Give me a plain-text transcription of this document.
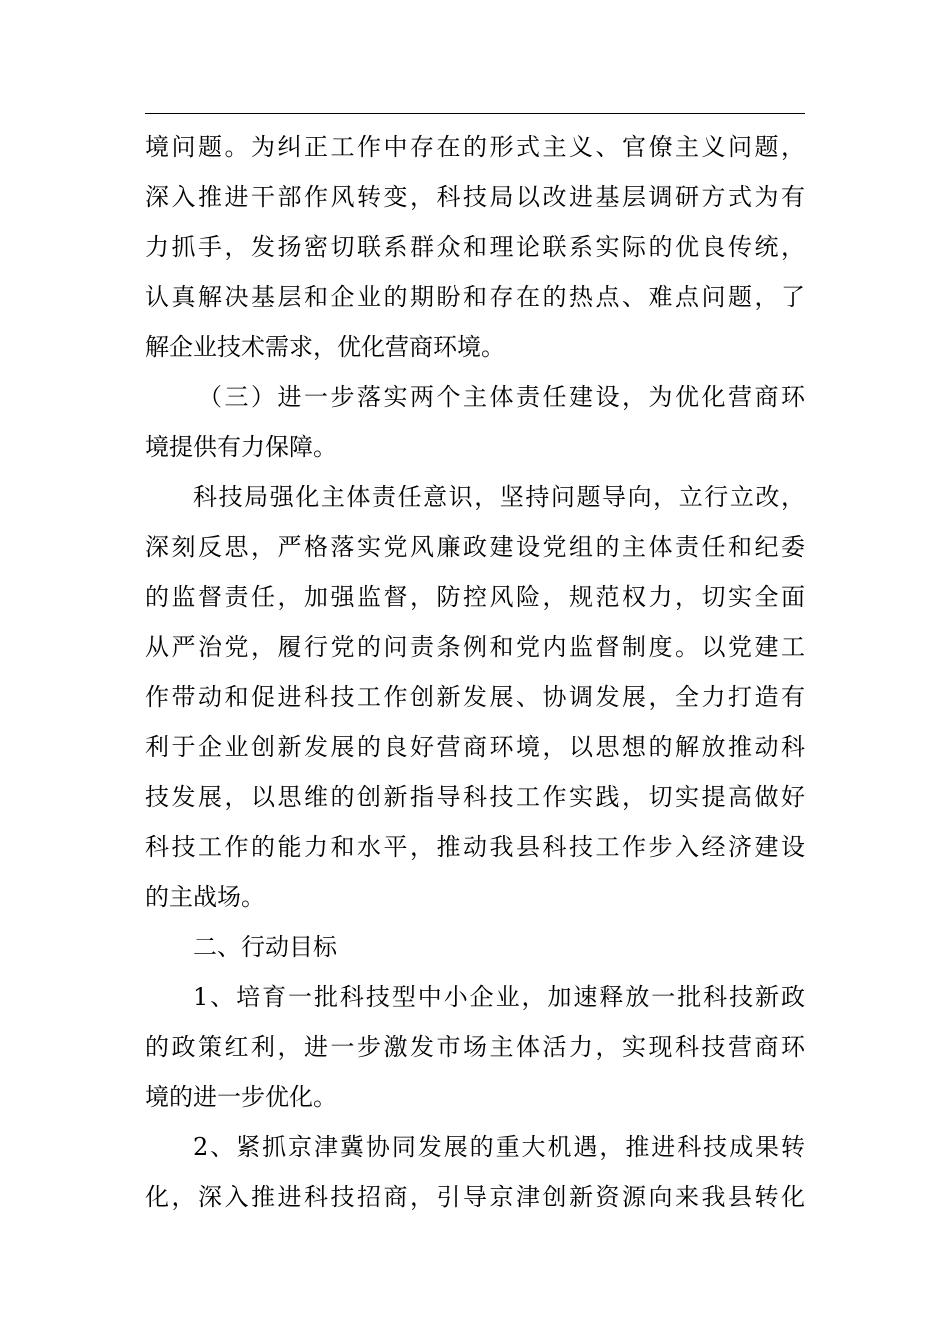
境问题。为纠正工作中存在的形式主义、官僚主义问题，
深入推进干部作风转变，科技局以改进基层调研方式为有
力抓手，发扬密切联系群众和理论联系实际的优良传统，
认真解决基层和企业的期盼和存在的热点、难点问题，了
解企业技术需求，优化营商环境。
（三）进一步落实两个主体责任建设，为优化营商环
境提供有力保障。
科技局强化主体责任意识，坚持问题导向，立行立改，
深刻反思，严格落实党风廉政建设党组的主体责任和纪委
的监督责任，加强监督，防控风险，规范权力，切实全面
从严治党，履行党的问责条例和党内监督制度。以党建工
作带动和促进科技工作创新发展、协调发展，全力打造有
利于企业创新发展的良好营商环境，以思想的解放推动科
技发展，以思维的创新指导科技工作实践，切实提高做好
科技工作的能力和水平，推动我县科技工作步入经济建设
的主战场。
二、行动目标
1、培育一批科技型中小企业，加速释放一批科技新政
的政策红利，进一步激发市场主体活力，实现科技营商环
境的进一步优化。
2、紧抓京津冀协同发展的重大机遇，推进科技成果转
化，深入推进科技招商，引导京津创新资源向来我县转化
